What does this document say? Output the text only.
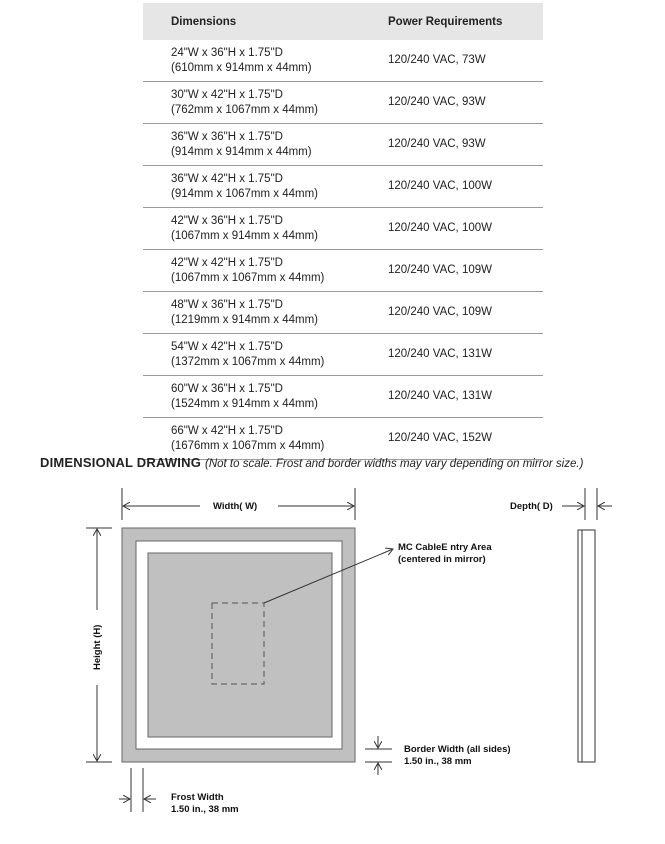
Dimensions	Power Requirements
24"W x 36"H x 1.75"D
(610mm x 914mm x 44mm)	120/240 VAC, 73W
30"W x 42"H x 1.75"D
(762mm x 1067mm x 44mm)	120/240 VAC, 93W
36"W x 36"H x 1.75"D
(914mm x 914mm x 44mm)	120/240 VAC, 93W
36"W x 42"H x 1.75"D
(914mm x 1067mm x 44mm)	120/240 VAC, 100W
42"W x 36"H x 1.75"D
(1067mm x 914mm x 44mm)	120/240 VAC, 100W
42"W x 42"H x 1.75"D
(1067mm x 1067mm x 44mm)	120/240 VAC, 109W
48"W x 36"H x 1.75"D
(1219mm x 914mm x 44mm)	120/240 VAC, 109W
54"W x 42"H x 1.75"D
(1372mm x 1067mm x 44mm)	120/240 VAC, 131W
60"W x 36"H x 1.75"D
(1524mm x 914mm x 44mm)	120/240 VAC, 131W
66"W x 42"H x 1.75"D
(1676mm x 1067mm x 44mm)	120/240 VAC, 152W
DIMENSIONAL DRAWING (Not to scale. Frost and border widths may vary depending on mirror size.)
Width( W)	Depth( D)
Height (H)
MC CableE ntry Area
(centered in mirror)
Border Width (all sides)
1.50 in., 38 mm
Frost Width
1.50 in., 38 mm
